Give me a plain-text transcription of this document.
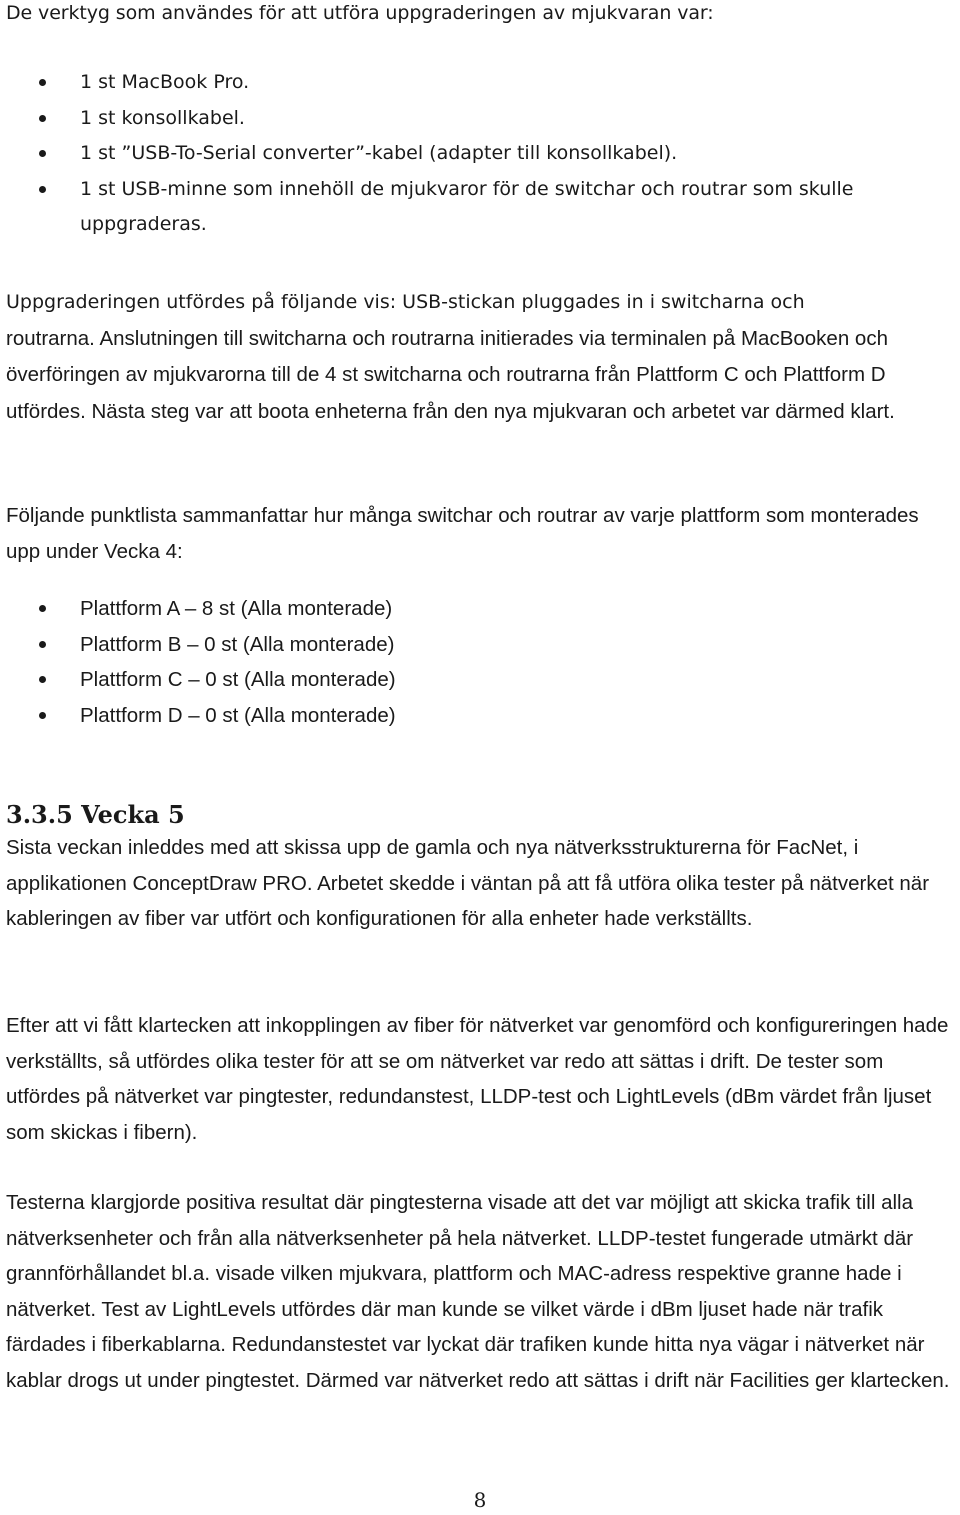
De verktyg som användes för att utföra uppgraderingen av mjukvaran var:

1 st MacBook Pro.
1 st konsollkabel.
1 st ”USB-To-Serial converter”-kabel (adapter till konsollkabel).
1 st USB-minne som innehöll de mjukvaror för de switchar och routrar som skulle uppgraderas.

Uppgraderingen utfördes på följande vis: USB-stickan pluggades in i switcharna och
routrarna. Anslutningen till switcharna och routrarna initierades via terminalen på MacBooken och överföringen av mjukvarorna till de 4 st switcharna och routrarna från Plattform C och Plattform D utfördes. Nästa steg var att boota enheterna från den nya mjukvaran och arbetet var därmed klart.

Följande punktlista sammanfattar hur många switchar och routrar av varje plattform som monterades upp under Vecka 4:

Plattform A – 8 st (Alla monterade)
Plattform B – 0 st (Alla monterade)
Plattform C – 0 st (Alla monterade)
Plattform D – 0 st (Alla monterade)
3.3.5 Vecka 5

Sista veckan inleddes med att skissa upp de gamla och nya nätverksstrukturerna för FacNet, i applikationen ConceptDraw PRO. Arbetet skedde i väntan på att få utföra olika tester på nätverket när kableringen av fiber var utfört och konfigurationen för alla enheter hade verkställts.

Efter att vi fått klartecken att inkopplingen av fiber för nätverket var genomförd och konfigureringen hade verkställts, så utfördes olika tester för att se om nätverket var redo att sättas i drift. De tester som utfördes på nätverket var pingtester, redundanstest, LLDP-test och LightLevels (dBm värdet från ljuset som skickas i fibern).

Testerna klargjorde positiva resultat där pingtesterna visade att det var möjligt att skicka trafik till alla nätverksenheter och från alla nätverksenheter på hela nätverket. LLDP-testet fungerade utmärkt där grannförhållandet bl.a. visade vilken mjukvara, plattform och MAC-adress respektive granne hade i nätverket. Test av LightLevels utfördes där man kunde se vilket värde i dBm ljuset hade när trafik färdades i fiberkablarna. Redundanstestet var lyckat där trafiken kunde hitta nya vägar i nätverket när kablar drogs ut under pingtestet. Därmed var nätverket redo att sättas i drift när Facilities ger klartecken.

8
